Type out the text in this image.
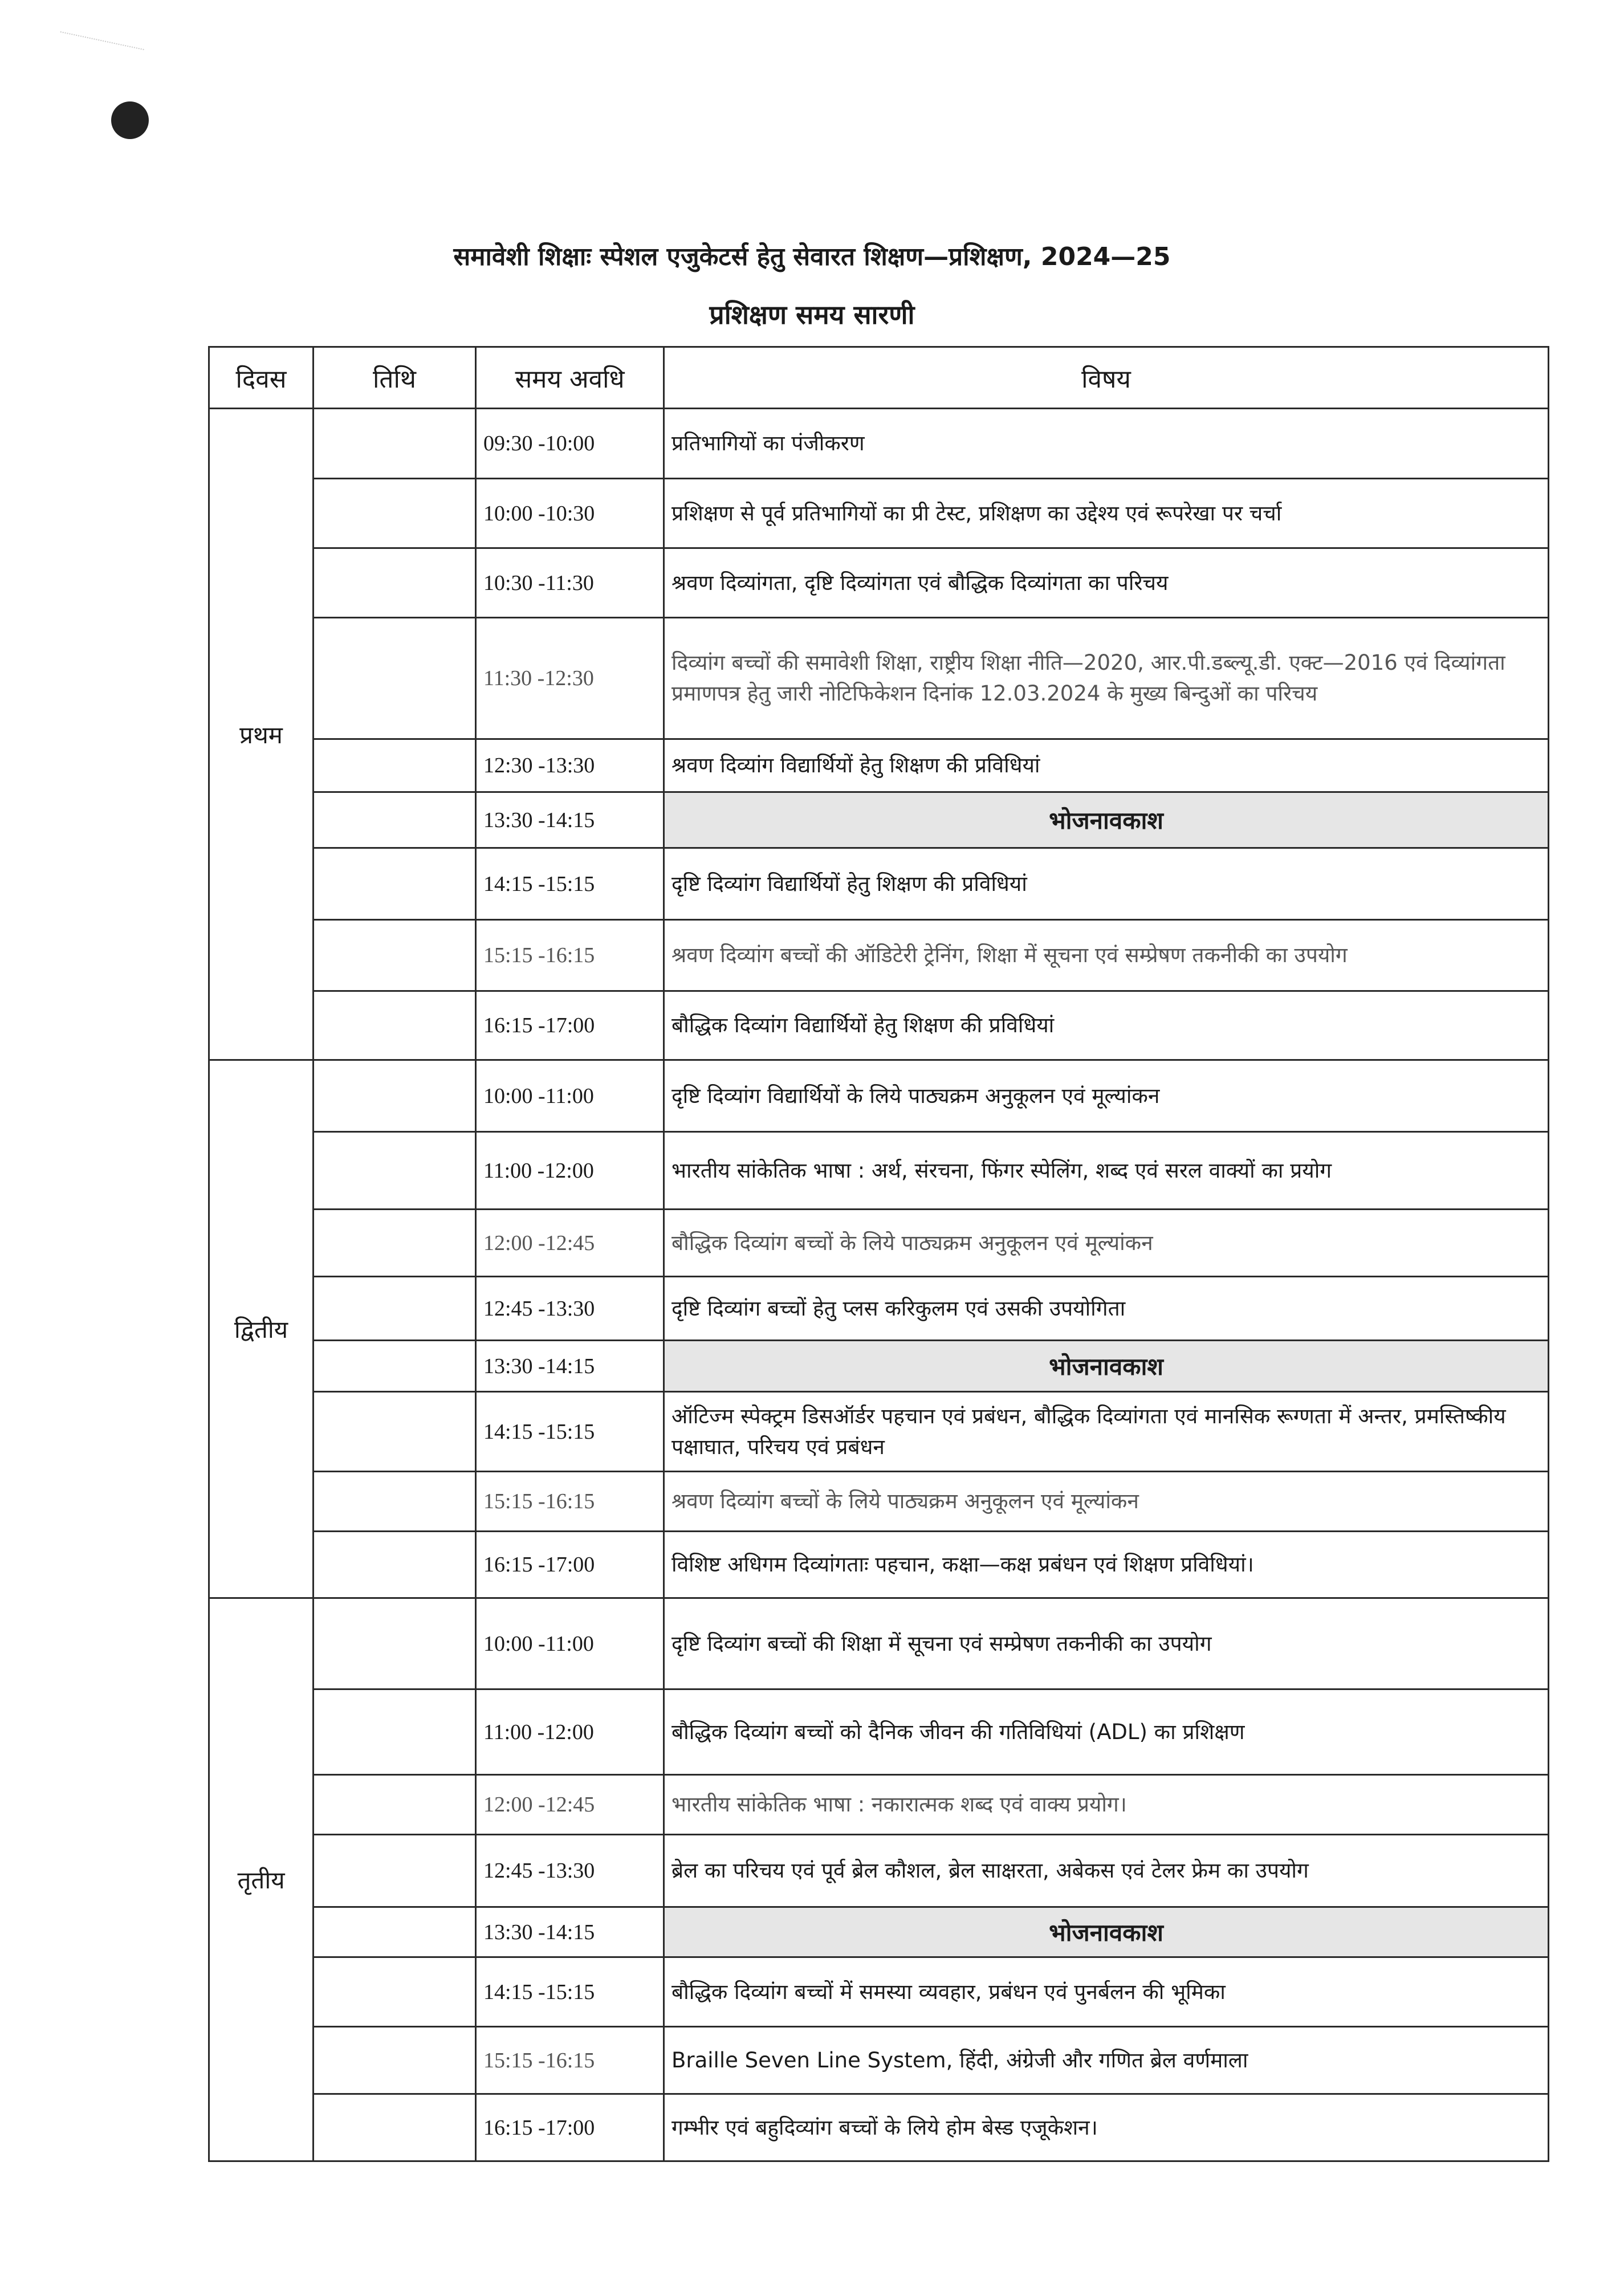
समावेशी शिक्षाः स्पेशल एजुकेटर्स हेतु सेवारत शिक्षण—प्रशिक्षण, 2024—25
प्रशिक्षण समय सारणी
दिवस	तिथि	समय अवधि	विषय
प्रथम		09:30 -10:00	प्रतिभागियों का पंजीकरण
		10:00 -10:30	प्रशिक्षण से पूर्व प्रतिभागियों का प्री टेस्ट, प्रशिक्षण का उद्देश्य एवं रूपरेखा पर चर्चा
		10:30 -11:30	श्रवण दिव्यांगता, दृष्टि दिव्यांगता एवं बौद्धिक दिव्यांगता का परिचय
		11:30 -12:30	दिव्यांग बच्चों की समावेशी शिक्षा, राष्ट्रीय शिक्षा नीति—2020, आर.पी.डब्ल्यू.डी. एक्ट—2016 एवं दिव्यांगता प्रमाणपत्र हेतु जारी नोटिफिकेशन दिनांक 12.03.2024 के मुख्य बिन्दुओं का परिचय
		12:30 -13:30	श्रवण दिव्यांग विद्यार्थियों हेतु शिक्षण की प्रविधियां
		13:30 -14:15	भोजनावकाश
		14:15 -15:15	दृष्टि दिव्यांग विद्यार्थियों हेतु शिक्षण की प्रविधियां
		15:15 -16:15	श्रवण दिव्यांग बच्चों की ऑडिटेरी ट्रेनिंग, शिक्षा में सूचना एवं सम्प्रेषण तकनीकी का उपयोग
		16:15 -17:00	बौद्धिक दिव्यांग विद्यार्थियों हेतु शिक्षण की प्रविधियां
द्वितीय		10:00 -11:00	दृष्टि दिव्यांग विद्यार्थियों के लिये पाठ्यक्रम अनुकूलन एवं मूल्यांकन
		11:00 -12:00	भारतीय सांकेतिक भाषा : अर्थ, संरचना, फिंगर स्पेलिंग, शब्द एवं सरल वाक्यों का प्रयोग
		12:00 -12:45	बौद्धिक दिव्यांग बच्चों के लिये पाठ्यक्रम अनुकूलन एवं मूल्यांकन
		12:45 -13:30	दृष्टि दिव्यांग बच्चों हेतु प्लस करिकुलम एवं उसकी उपयोगिता
		13:30 -14:15	भोजनावकाश
		14:15 -15:15	ऑटिज्म स्पेक्ट्रम डिसऑर्डर पहचान एवं प्रबंधन, बौद्धिक दिव्यांगता एवं मानसिक रूग्णता में अन्तर, प्रमस्तिष्कीय पक्षाघात, परिचय एवं प्रबंधन
		15:15 -16:15	श्रवण दिव्यांग बच्चों के लिये पाठ्यक्रम अनुकूलन एवं मूल्यांकन
		16:15 -17:00	विशिष्ट अधिगम दिव्यांगताः पहचान, कक्षा—कक्ष प्रबंधन एवं शिक्षण प्रविधियां।
तृतीय		10:00 -11:00	दृष्टि दिव्यांग बच्चों की शिक्षा में सूचना एवं सम्प्रेषण तकनीकी का उपयोग
		11:00 -12:00	बौद्धिक दिव्यांग बच्चों को दैनिक जीवन की गतिविधियां (ADL) का प्रशिक्षण
		12:00 -12:45	भारतीय सांकेतिक भाषा : नकारात्मक शब्द एवं वाक्य प्रयोग।
		12:45 -13:30	ब्रेल का परिचय एवं पूर्व ब्रेल कौशल, ब्रेल साक्षरता, अबेकस एवं टेलर फ्रेम का उपयोग
		13:30 -14:15	भोजनावकाश
		14:15 -15:15	बौद्धिक दिव्यांग बच्चों में समस्या व्यवहार, प्रबंधन एवं पुनर्बलन की भूमिका
		15:15 -16:15	Braille Seven Line System, हिंदी, अंग्रेजी और गणित ब्रेल वर्णमाला
		16:15 -17:00	गम्भीर एवं बहुदिव्यांग बच्चों के लिये होम बेस्ड एजूकेशन।
